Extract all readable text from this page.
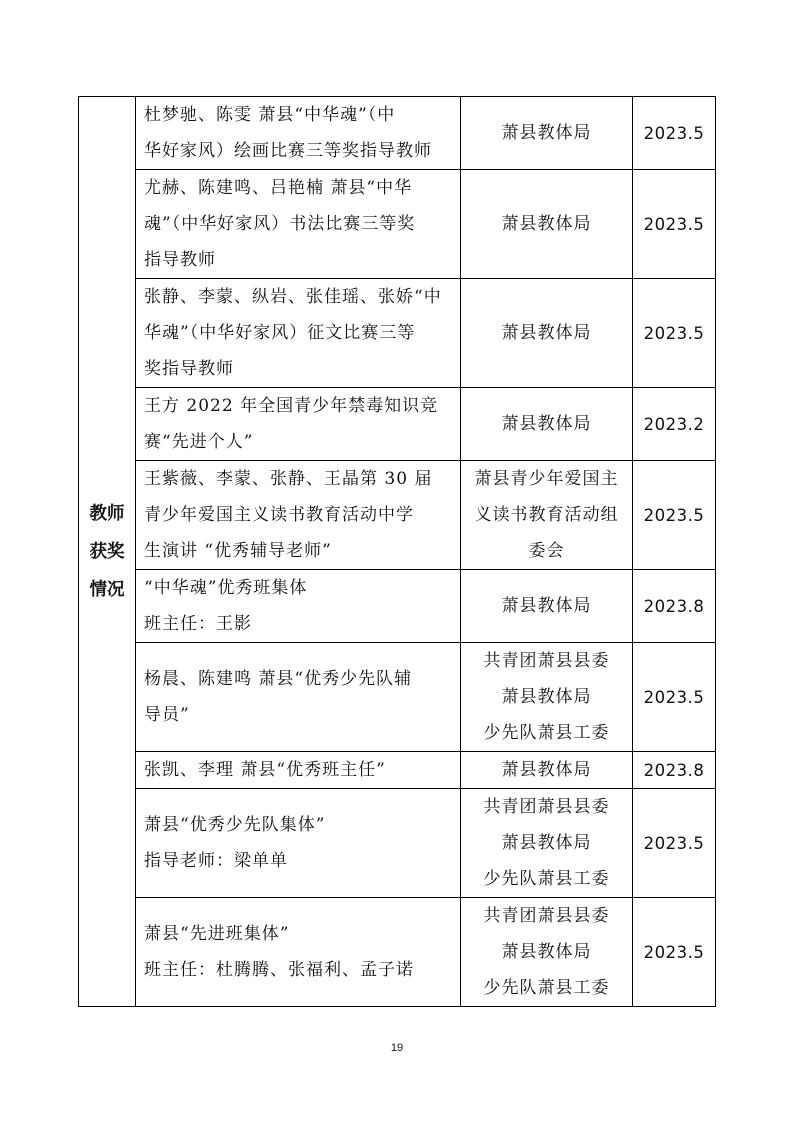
教师
获奖
情况	杜梦驰、陈雯 萧县“中华魂”（中
华好家风）绘画比赛三等奖指导教师	萧县教体局	2023.5

	尤赫、陈建鸣、吕艳楠 萧县“中华
魂”（中华好家风）书法比赛三等奖
指导教师	萧县教体局	2023.5

	张静、李蒙、纵岩、张佳瑶、张娇“中
华魂”（中华好家风）征文比赛三等
奖指导教师	萧县教体局	2023.5

	王方 2022 年全国青少年禁毒知识竞
赛“先进个人”	萧县教体局	2023.2

	王紫薇、李蒙、张静、王晶第 30 届
青少年爱国主义读书教育活动中学
生演讲 “优秀辅导老师”	萧县青少年爱国主
义读书教育活动组
委会	2023.5

	“中华魂”优秀班集体
班主任：王影	萧县教体局	2023.8

	杨晨、陈建鸣 萧县“优秀少先队辅
导员”	共青团萧县县委
萧县教体局
少先队萧县工委	2023.5

	张凯、李理 萧县“优秀班主任”	萧县教体局	2023.8

	萧县“优秀少先队集体”
指导老师：梁单单	共青团萧县县委
萧县教体局
少先队萧县工委	2023.5

	萧县“先进班集体”
班主任：杜腾腾、张福利、孟子诺	共青团萧县县委
萧县教体局
少先队萧县工委	2023.5
19
